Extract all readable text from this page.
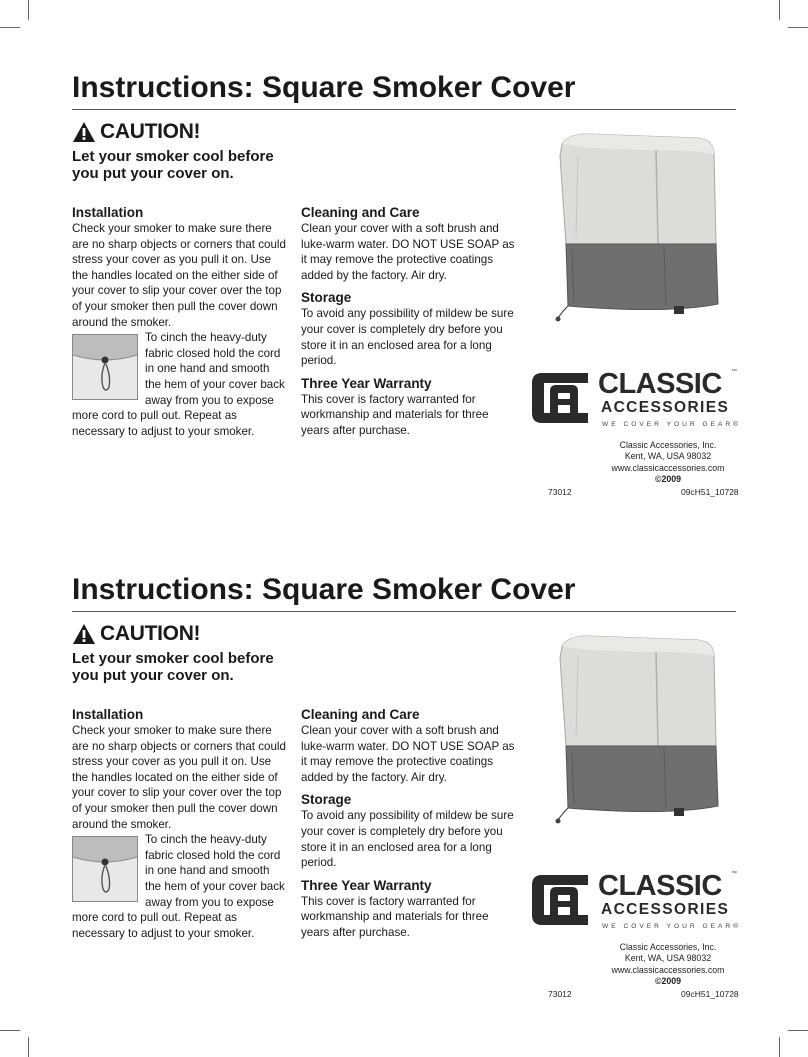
Instructions: Square Smoker Cover
CAUTION!

Let your smoker cool before you put your cover on.

Installation

Check your smoker to make sure there are no sharp objects or corners that could stress your cover as you pull it on. Use the handles located on the either side of your cover to slip your cover over the top of your smoker then pull the cover down around the smoker.

To cinch the heavy-duty fabric closed hold the cord in one hand and smooth the hem of your cover back away from you to expose more cord to pull out. Repeat as necessary to adjust to your smoker.

Cleaning and Care

Clean your cover with a soft brush and luke-warm water. DO NOT USE SOAP as it may remove the protective coatings added by the factory. Air dry.

Storage

To avoid any possibility of mildew be sure your cover is completely dry before you store it in an enclosed area for a long period.

Three Year Warranty

This cover is factory warranted for workmanship and materials for three years after purchase.

CLASSIC ™
ACCESSORIES
WE COVER YOUR GEAR®
Classic Accessories, Inc.
Kent, WA, USA 98032
www.classicaccessories.com
©2009
73012	09cH51_10728
Instructions: Square Smoker Cover
CAUTION!

Let your smoker cool before you put your cover on.

Installation

Check your smoker to make sure there are no sharp objects or corners that could stress your cover as you pull it on. Use the handles located on the either side of your cover to slip your cover over the top of your smoker then pull the cover down around the smoker.

To cinch the heavy-duty fabric closed hold the cord in one hand and smooth the hem of your cover back away from you to expose more cord to pull out. Repeat as necessary to adjust to your smoker.

Cleaning and Care

Clean your cover with a soft brush and luke-warm water. DO NOT USE SOAP as it may remove the protective coatings added by the factory. Air dry.

Storage

To avoid any possibility of mildew be sure your cover is completely dry before you store it in an enclosed area for a long period.

Three Year Warranty

This cover is factory warranted for workmanship and materials for three years after purchase.

CLASSIC ™
ACCESSORIES
WE COVER YOUR GEAR®
Classic Accessories, Inc.
Kent, WA, USA 98032
www.classicaccessories.com
©2009
73012	09cH51_10728
